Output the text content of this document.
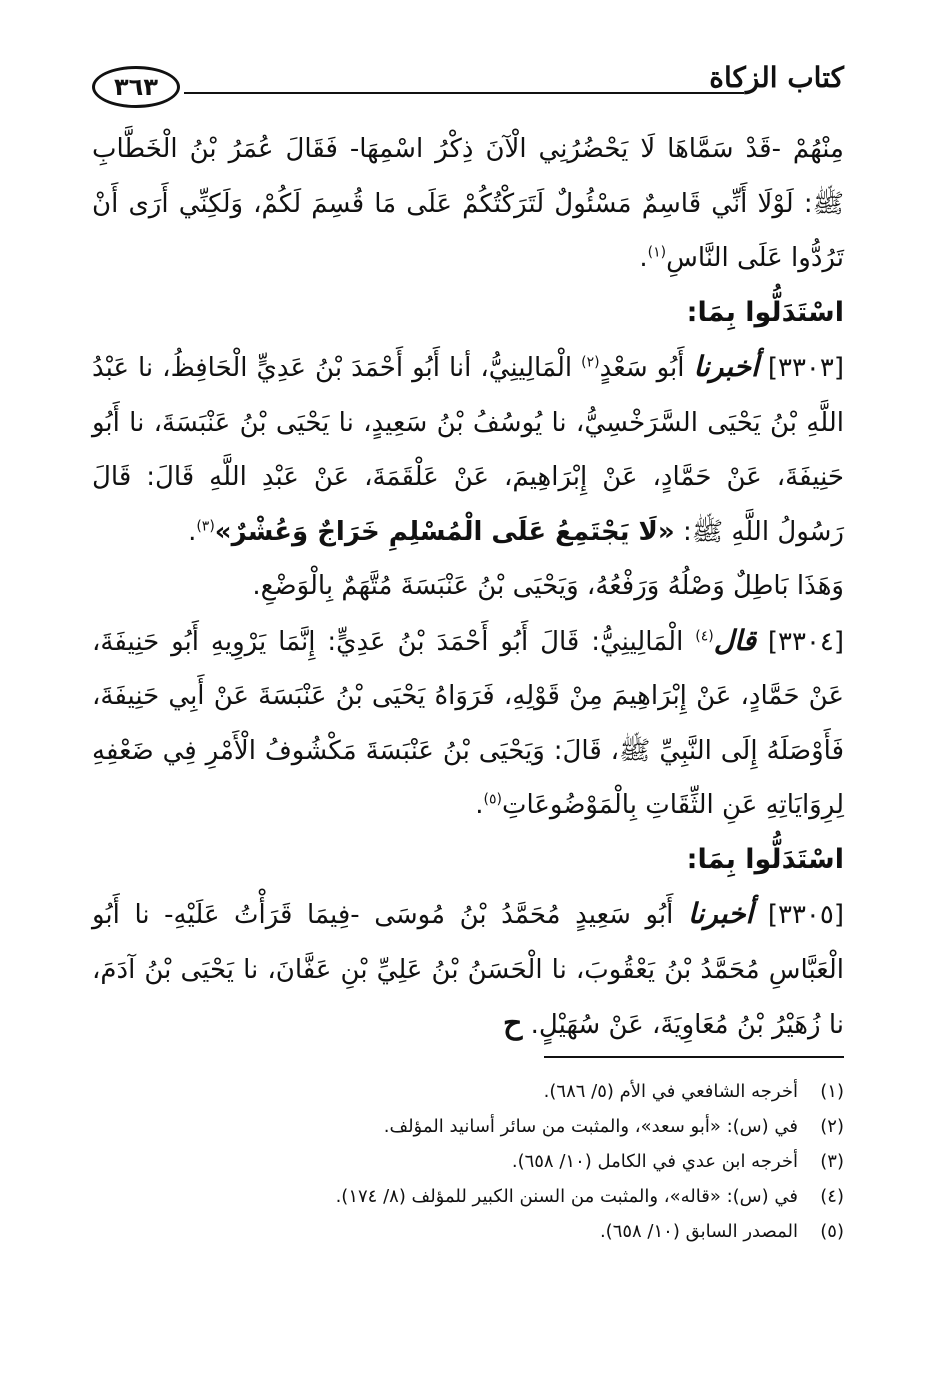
كتاب الزكاة
٣٦٣

مِنْهُمْ -قَدْ سَمَّاهَا لَا يَحْضُرُنِي الْآنَ ذِكْرُ اسْمِهَا- فَقَالَ عُمَرُ بْنُ الْخَطَّابِ ﷺ: لَوْلَا أَنِّي قَاسِمٌ مَسْئُولٌ لَتَرَكْتُكُمْ عَلَى مَا قُسِمَ لَكُمْ، وَلَكِنِّي أَرَى أَنْ تَرُدُّوا عَلَى النَّاسِ$^{(١)}$.

اسْتَدَلُّوا بِمَا:

[٣٣٠٣] أخبرنا أَبُو سَعْدٍ$^{(٢)}$ الْمَالِينِيُّ، أنا أَبُو أَحْمَدَ بْنُ عَدِيٍّ الْحَافِظُ، نا عَبْدُ اللَّهِ بْنُ يَحْيَى السَّرَخْسِيُّ، نا يُوسُفُ بْنُ سَعِيدٍ، نا يَحْيَى بْنُ عَنْبَسَةَ، نا أَبُو حَنِيفَةَ، عَنْ حَمَّادٍ، عَنْ إِبْرَاهِيمَ، عَنْ عَلْقَمَةَ، عَنْ عَبْدِ اللَّهِ قَالَ: قَالَ رَسُولُ اللَّهِ ﷺ: «لَا يَجْتَمِعُ عَلَى الْمُسْلِمِ خَرَاجٌ وَعُشْرٌ»$^{(٣)}$.

وَهَذَا بَاطِلٌ وَصْلُهُ وَرَفْعُهُ، وَيَحْيَى بْنُ عَنْبَسَةَ مُتَّهَمٌ بِالْوَضْعِ.

[٣٣٠٤] قال$^{(٤)}$ الْمَالِينِيُّ: قَالَ أَبُو أَحْمَدَ بْنُ عَدِيٍّ: إِنَّمَا يَرْوِيهِ أَبُو حَنِيفَةَ، عَنْ حَمَّادٍ، عَنْ إِبْرَاهِيمَ مِنْ قَوْلِهِ، فَرَوَاهُ يَحْيَى بْنُ عَنْبَسَةَ عَنْ أَبِي حَنِيفَةَ، فَأَوْصَلَهُ إِلَى النَّبِيِّ ﷺ، قَالَ: وَيَحْيَى بْنُ عَنْبَسَةَ مَكْشُوفُ الْأَمْرِ فِي ضَعْفِهِ لِرِوَايَاتِهِ عَنِ الثِّقَاتِ بِالْمَوْضُوعَاتِ$^{(٥)}$.

اسْتَدَلُّوا بِمَا:

[٣٣٠٥] أخبرنا أَبُو سَعِيدٍ مُحَمَّدُ بْنُ مُوسَى -فِيمَا قَرَأْتُ عَلَيْهِ- نا أَبُو الْعَبَّاسِ مُحَمَّدُ بْنُ يَعْقُوبَ، نا الْحَسَنُ بْنُ عَلِيِّ بْنِ عَفَّانَ، نا يَحْيَى بْنُ آدَمَ، نا زُهَيْرُ بْنُ مُعَاوِيَةَ، عَنْ سُهَيْلٍ. ح

(١)
أخرجه الشافعي في الأم (٥/ ٦٨٦).

(٢)
في (س): «أبو سعد»، والمثبت من سائر أسانيد المؤلف.

(٣)
أخرجه ابن عدي في الكامل (١٠/ ٦٥٨).

(٤)
في (س): «قاله»، والمثبت من السنن الكبير للمؤلف (٨/ ١٧٤).

(٥)
المصدر السابق (١٠/ ٦٥٨).
